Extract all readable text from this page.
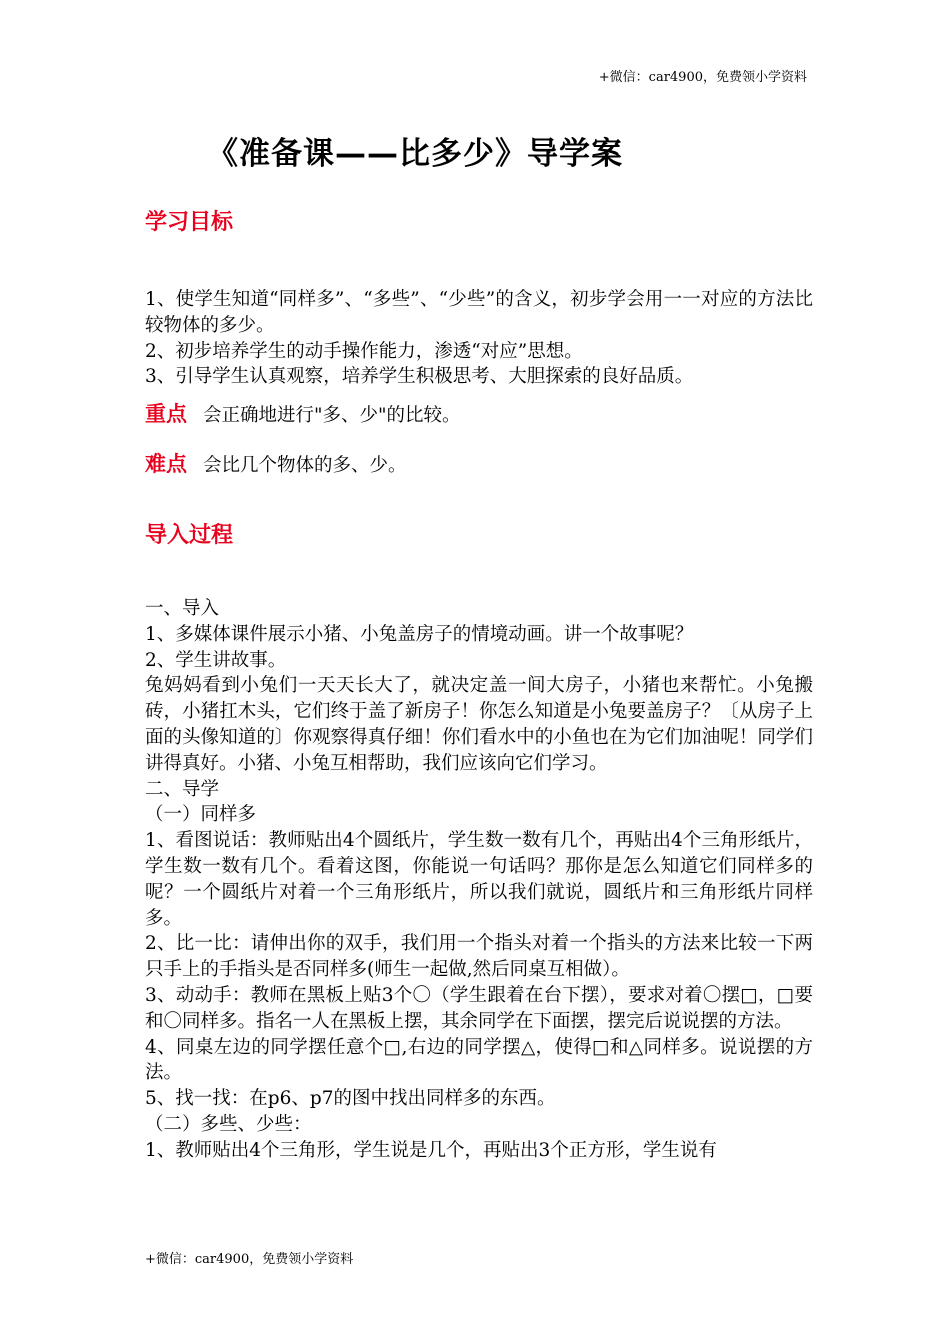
+微信：car4900，免费领小学资料
《准备课——比多少》导学案
学习目标

1、使学生知道“同样多”、“多些”、“少些”的含义，初步学会用一一对应的方法比较物体的多少。

2、初步培养学生的动手操作能力，渗透“对应”思想。

3、引导学生认真观察，培养学生积极思考、大胆探索的良好品质。

重点 会正确地进行"多、少"的比较。
难点 会比几个物体的多、少。
导入过程

一、导入

1、多媒体课件展示小猪、小兔盖房子的情境动画。讲一个故事呢？

2、学生讲故事。

兔妈妈看到小兔们一天天长大了，就决定盖一间大房子，小猪也来帮忙。小兔搬砖，小猪扛木头，它们终于盖了新房子！你怎么知道是小兔要盖房子？〔从房子上面的头像知道的〕你观察得真仔细！你们看水中的小鱼也在为它们加油呢！同学们讲得真好。小猪、小兔互相帮助，我们应该向它们学习。

二、导学

（一）同样多

1、看图说话：教师贴出4个圆纸片，学生数一数有几个，再贴出4个三角形纸片，学生数一数有几个。看着这图，你能说一句话吗？那你是怎么知道它们同样多的呢？一个圆纸片对着一个三角形纸片，所以我们就说，圆纸片和三角形纸片同样多。

2、比一比：请伸出你的双手，我们用一个指头对着一个指头的方法来比较一下两只手上的手指头是否同样多(师生一起做,然后同桌互相做）。

3、动动手：教师在黑板上贴3个〇（学生跟着在台下摆），要求对着〇摆□，□要和〇同样多。指名一人在黑板上摆，其余同学在下面摆，摆完后说说摆的方法。

4、同桌左边的同学摆任意个□,右边的同学摆△，使得□和△同样多。说说摆的方法。

5、找一找：在p6、p7的图中找出同样多的东西。

（二）多些、少些：

1、教师贴出4个三角形，学生说是几个，再贴出3个正方形，学生说有

+微信：car4900，免费领小学资料
